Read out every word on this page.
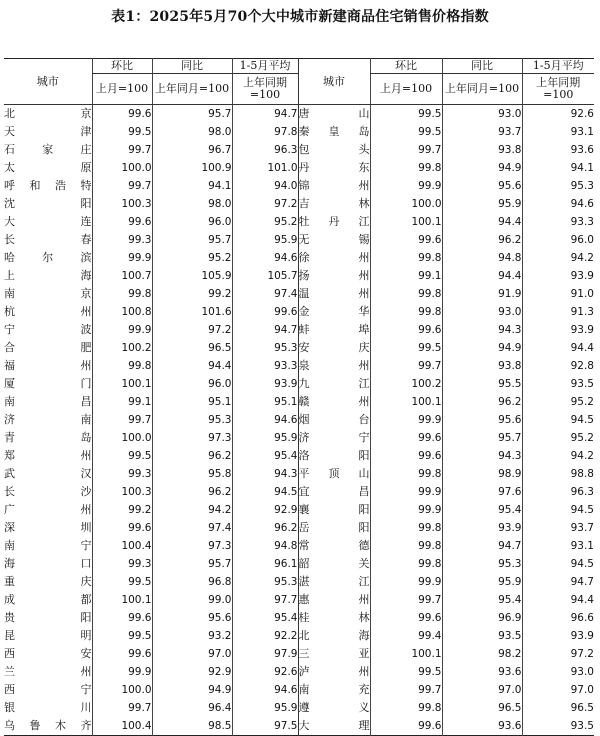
表1：2025年5月70个大中城市新建商品住宅销售价格指数
城市	环比	同比	1-5月平均	城市	环比	同比	1-5月平均
	上月=100	上年同月=100	上年同期=100		上月=100	上年同月=100	上年同期=100
北京	99.6	95.7	94.7	唐山	99.5	93.0	92.6
天津	99.5	98.0	97.8	秦皇岛	99.5	93.7	93.1
石家庄	99.7	96.7	96.3	包头	99.7	93.8	93.6
太原	100.0	100.9	101.0	丹东	99.8	94.9	94.1
呼和浩特	99.7	94.1	94.0	锦州	99.9	95.6	95.3
沈阳	100.3	98.0	97.2	吉林	100.0	95.9	94.6
大连	99.6	96.0	95.2	牡丹江	100.1	94.4	93.3
长春	99.3	95.7	95.9	无锡	99.6	96.2	96.0
哈尔滨	99.9	95.2	94.6	徐州	99.8	94.8	94.2
上海	100.7	105.9	105.7	扬州	99.1	94.4	93.9
南京	99.8	99.2	97.4	温州	99.8	91.9	91.0
杭州	100.8	101.6	99.6	金华	99.8	93.0	91.3
宁波	99.9	97.2	94.7	蚌埠	99.6	94.3	93.9
合肥	100.2	96.5	95.3	安庆	99.5	94.9	94.4
福州	99.8	94.4	93.3	泉州	99.7	93.8	92.8
厦门	100.1	96.0	93.9	九江	100.2	95.5	93.5
南昌	99.1	95.1	95.1	赣州	100.1	96.2	95.2
济南	99.7	95.3	94.6	烟台	99.9	95.6	94.5
青岛	100.0	97.3	95.9	济宁	99.6	95.7	95.2
郑州	99.5	96.2	95.4	洛阳	99.6	94.3	94.2
武汉	99.3	95.8	94.3	平顶山	99.8	98.9	98.8
长沙	100.3	96.2	94.5	宜昌	99.9	97.6	96.3
广州	99.2	94.2	92.9	襄阳	99.9	95.4	94.5
深圳	99.6	97.4	96.2	岳阳	99.8	93.9	93.7
南宁	100.4	97.3	94.8	常德	99.8	94.7	93.1
海口	99.3	95.7	96.1	韶关	99.8	95.3	94.5
重庆	99.5	96.8	95.3	湛江	99.9	95.9	94.7
成都	100.1	99.0	97.7	惠州	99.7	95.4	94.4
贵阳	99.6	95.6	95.4	桂林	99.6	96.9	96.6
昆明	99.5	93.2	92.2	北海	99.4	93.5	93.9
西安	99.6	97.0	97.9	三亚	100.1	98.2	97.2
兰州	99.9	92.9	92.6	泸州	99.5	93.6	93.0
西宁	100.0	94.9	94.6	南充	99.7	97.0	97.0
银川	99.7	96.4	95.9	遵义	99.8	96.5	96.5
乌鲁木齐	100.4	98.5	97.5	大理	99.6	93.6	93.5
